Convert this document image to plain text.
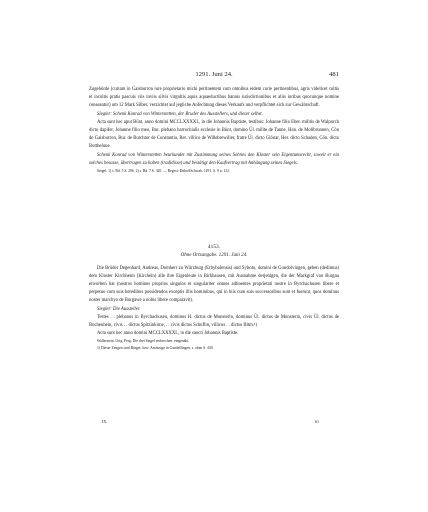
1291. Juni 24.	481

Zugehörde (curiam in Gaisburron iure proprietario michi pertinentem cum omnibus eidem curie pertinentibus, agris videlicet cultis et incultis pratis pascuis viis inviis silvis virgultis aquis aquaeductibus bannis iurisdictionibus et aliis iuribus quocunque nomine censeantur) um 12 Mark Silber, verzichtet auf jegliche Anfechtung dieses Verkaufs und verpflichtet sich zur Gewährschaft.

Siegler: Schenk Konrad von Winterstetten, der Bruder des Ausstellers, und dieser selbst.

Acta sunt hec aput Bünt, anno domini MCCLXXXXI., in die Johannis Baptiste, testibus: Johanne filio Eber. militis de Walpurch dicto dapifer, Johanne filio meo, Bur. plebano barrochialis ecclesie in Bünt, domino Ül. milite de Tanne, Han. de Molibrunnen, Cön de Gaisburron, Bur. de Burchtor de Constantia, Rer. villico de Willebrewiller, fratre Ül. dicto Glönar, Her. dicto Schaden, Cön. dicto Botthelune.

Schenk Konrad von Winterstetten beurkundet mit Zustimmung seines Sohnes den Kloster sein Eigentumsrecht, soweit er ein solches besasse, übertragen zu haben (tradidisse) und bestätigt den Kaufvertrag mit Anhängung seines Siegels.

Siegel: 1) s. Bd. 5 S. 296. 2) s. Bd. 7 S. 320. — Regest: DühaASchwab. 1491, S. 9 n. 122.

4153.

Ohne Ortsangabe. 1291. Juni 24.

Die Brüder Degenhard, Andreas, Domherr zu Würzburg (Erbybolensis) und Syboto, domini de Gundolvingen, geben (dedimus) dem Kloster Kirchheim (Kirchein) alle ihre Eigenleute in Birkhausen, mit Ausnahme derjenigen, die der Markgraf von Burgau erworben hat (nostros homines proprios singulos et singulariter omnes adtinentes proprietati nostre in Byrchachusen libere et perpetuo cum suis heredibus possidendos exceptis illis hominibus, qui in hiis cum suis successoribus sunt et fuerunt, quos dominus noster marchyo de Burgawe a nobis libere comparavit).

Siegler: Die Aussteller.

Testes . . plebanus in Byrchachusen, dominus H. dictus de Munsterin, dominus Ül. dictus de Munsterin, civis Ül. dictus de Bochenhein, civis . . dictus Spitzinkirne, . . civis dictus Schuflin, villicus . . dictus Bltm.¹)

Acta sunt hec anno domini MCCLXXXXI., in die sancti Johannis Baptiste.

Wallerstein. Orig. Perg. Die drei Siegel zerbrochen, eingenäht.

1) Dieser Zeugen sind Bürger, bzw. Ansässige in Gundelfingen, s. oben S. 430.

IX.	61
